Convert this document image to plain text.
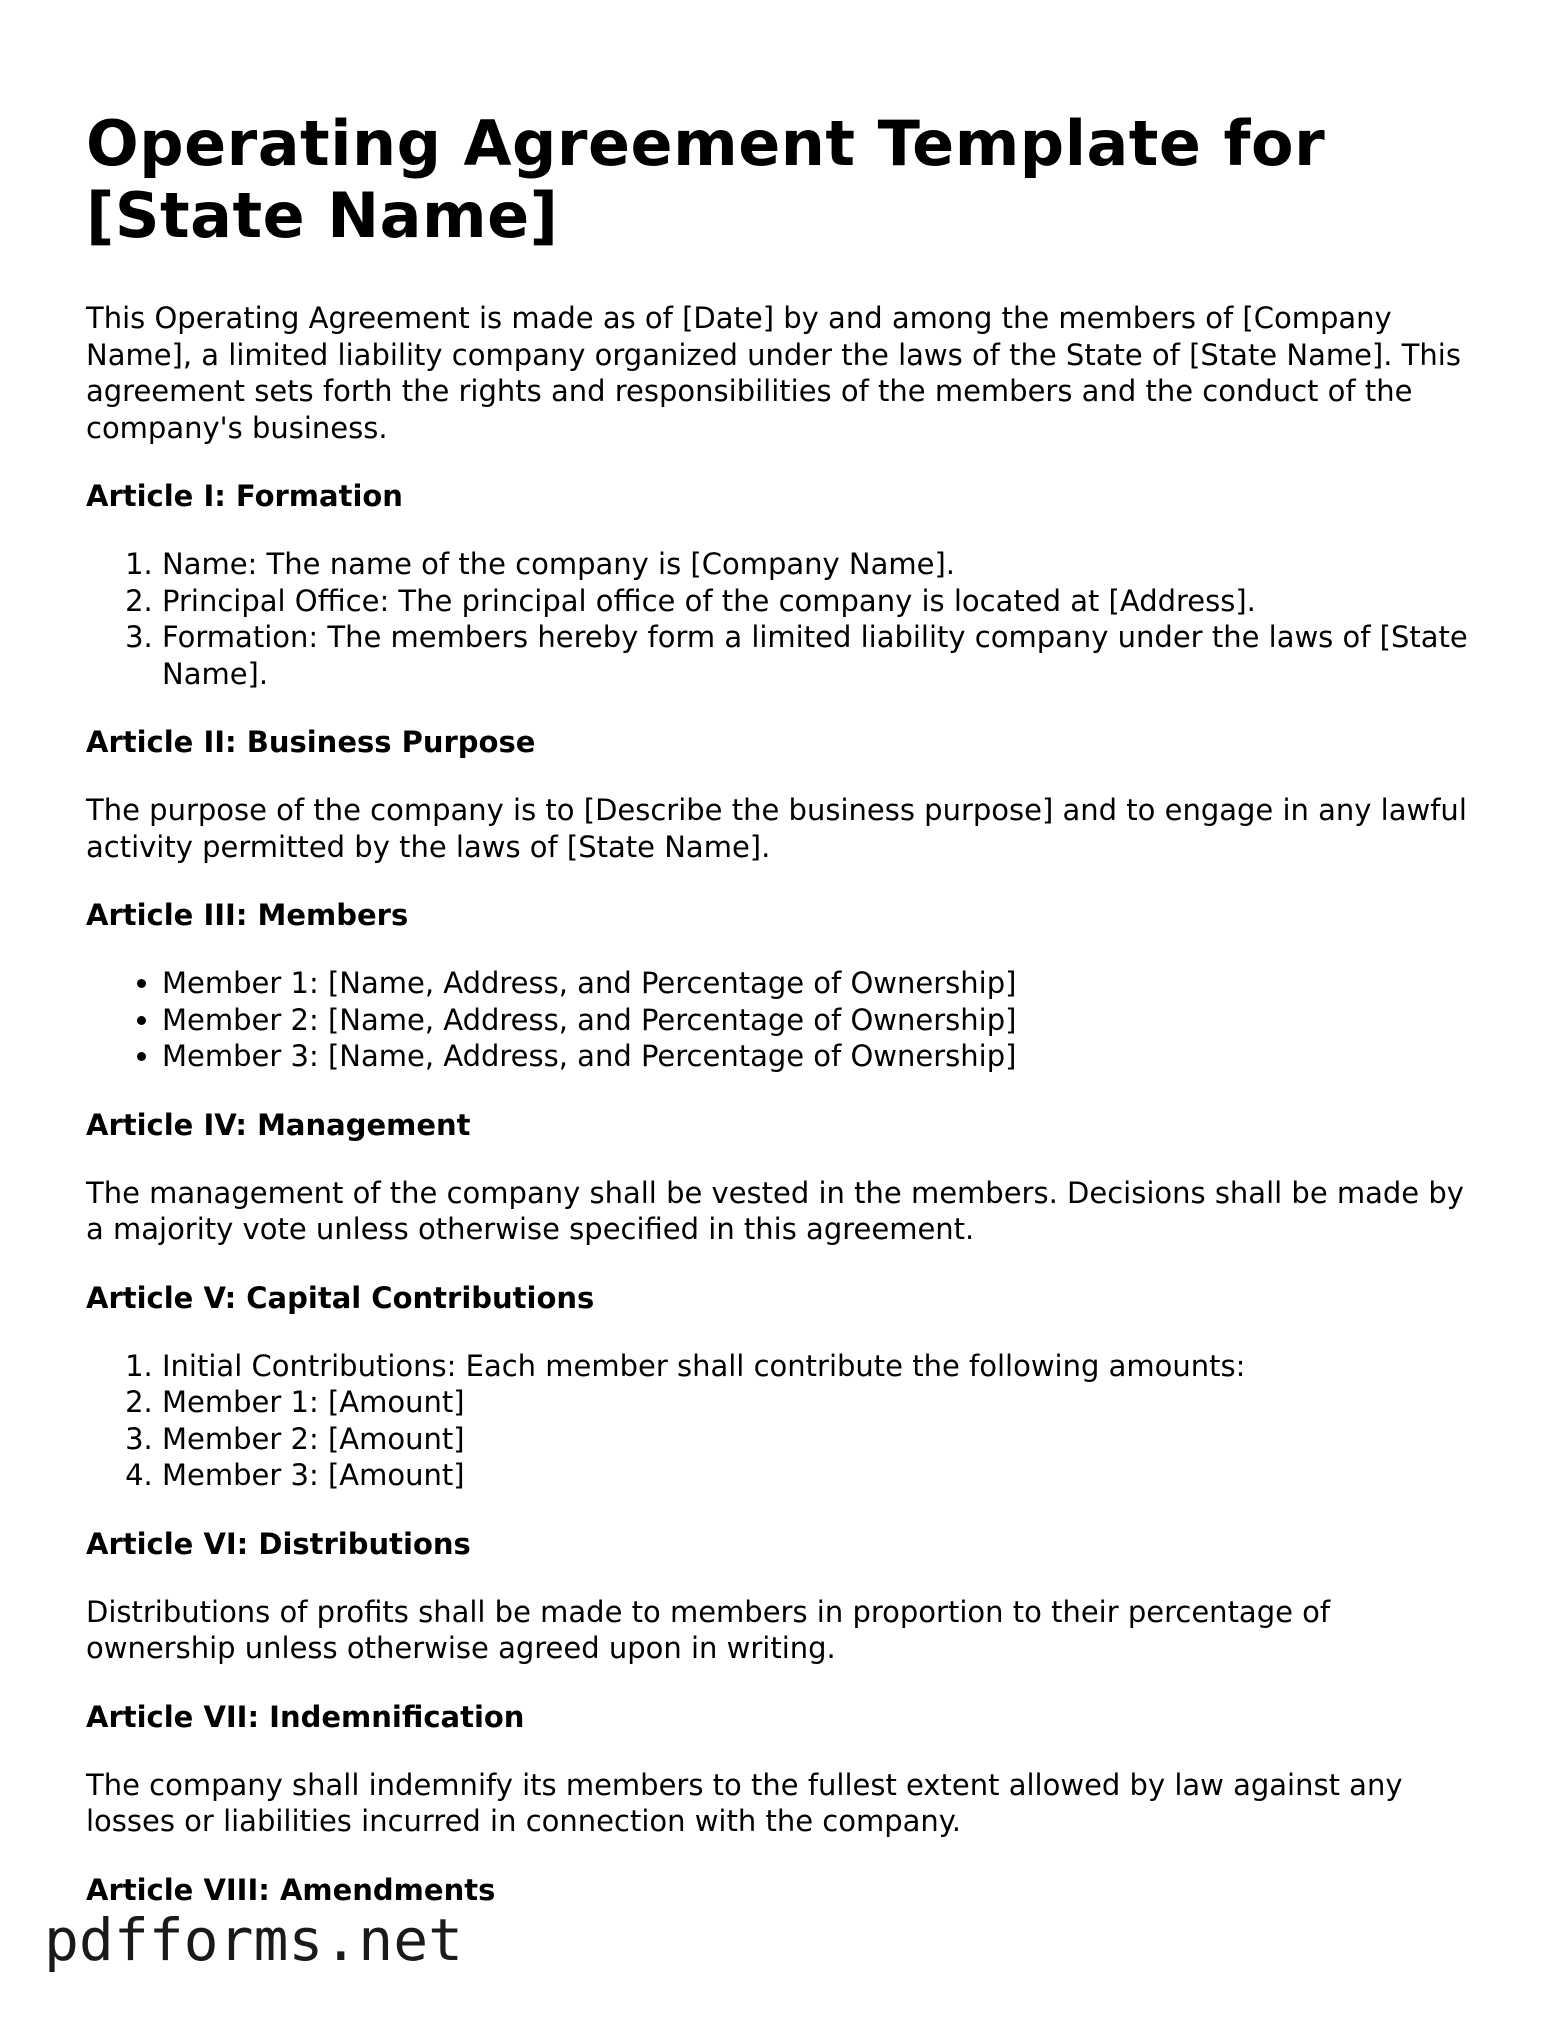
Operating Agreement Template for [State Name]

This Operating Agreement is made as of [Date] by and among the members of [Company Name], a limited liability company organized under the laws of the State of [State Name]. This agreement sets forth the rights and responsibilities of the members and the conduct of the company's business.

Article I: Formation
1. Name: The name of the company is [Company Name].
2. Principal Office: The principal office of the company is located at [Address].
3. Formation: The members hereby form a limited liability company under the laws of [State Name].
Article II: Business Purpose

The purpose of the company is to [Describe the business purpose] and to engage in any lawful activity permitted by the laws of [State Name].

Article III: Members
• Member 1: [Name, Address, and Percentage of Ownership]
• Member 2: [Name, Address, and Percentage of Ownership]
• Member 3: [Name, Address, and Percentage of Ownership]
Article IV: Management

The management of the company shall be vested in the members. Decisions shall be made by a majority vote unless otherwise specified in this agreement.

Article V: Capital Contributions
1. Initial Contributions: Each member shall contribute the following amounts:
2. Member 1: [Amount]
3. Member 2: [Amount]
4. Member 3: [Amount]
Article VI: Distributions

Distributions of profits shall be made to members in proportion to their percentage of ownership unless otherwise agreed upon in writing.

Article VII: Indemnification

The company shall indemnify its members to the fullest extent allowed by law against any losses or liabilities incurred in connection with the company.

Article VIII: Amendments
pdfforms.net
